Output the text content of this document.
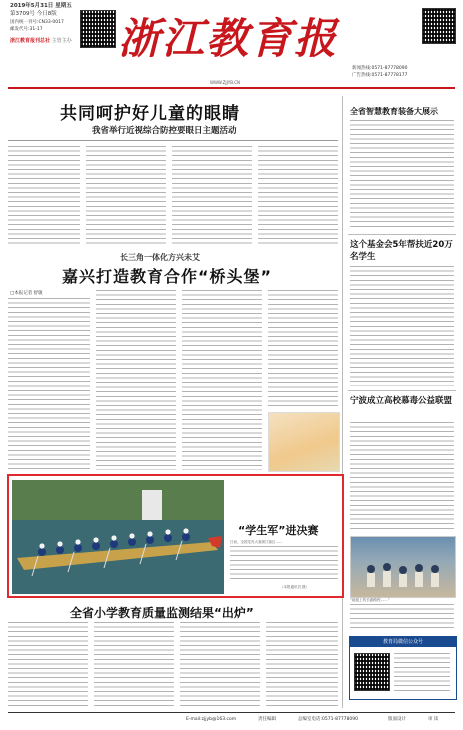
2019年5月31日 星期五
第3709号 今日8版
国内统一刊号:CN33-0017
邮发代号:31-17
浙江教育报刊总社 主管主办 浙江教育报
新闻热线:0571-87778090
广告热线:0571-87778177
WWW.ZJJYB.CN
共同呵护好儿童的眼睛
我省举行近视综合防控要眼日主题活动
长三角一体化方兴未艾
嘉兴打造教育合作“桥头堡”
□本报记者 舒敏
“学生军”进决赛
日前，全国龙舟大赛浙江赛区……
（本报通讯员 摄）
全省小学教育质量监测结果“出炉”
全省智慧教育装备大展示
这个基金会5年帮扶近20万名学生
宁波成立高校慕毒公益联盟
“地板上的长跑路程……”
教育局微信公众号
E-mail:zjjyb@163.com	责任编辑	总编室电话:0571-87778090	版面设计	审 读
